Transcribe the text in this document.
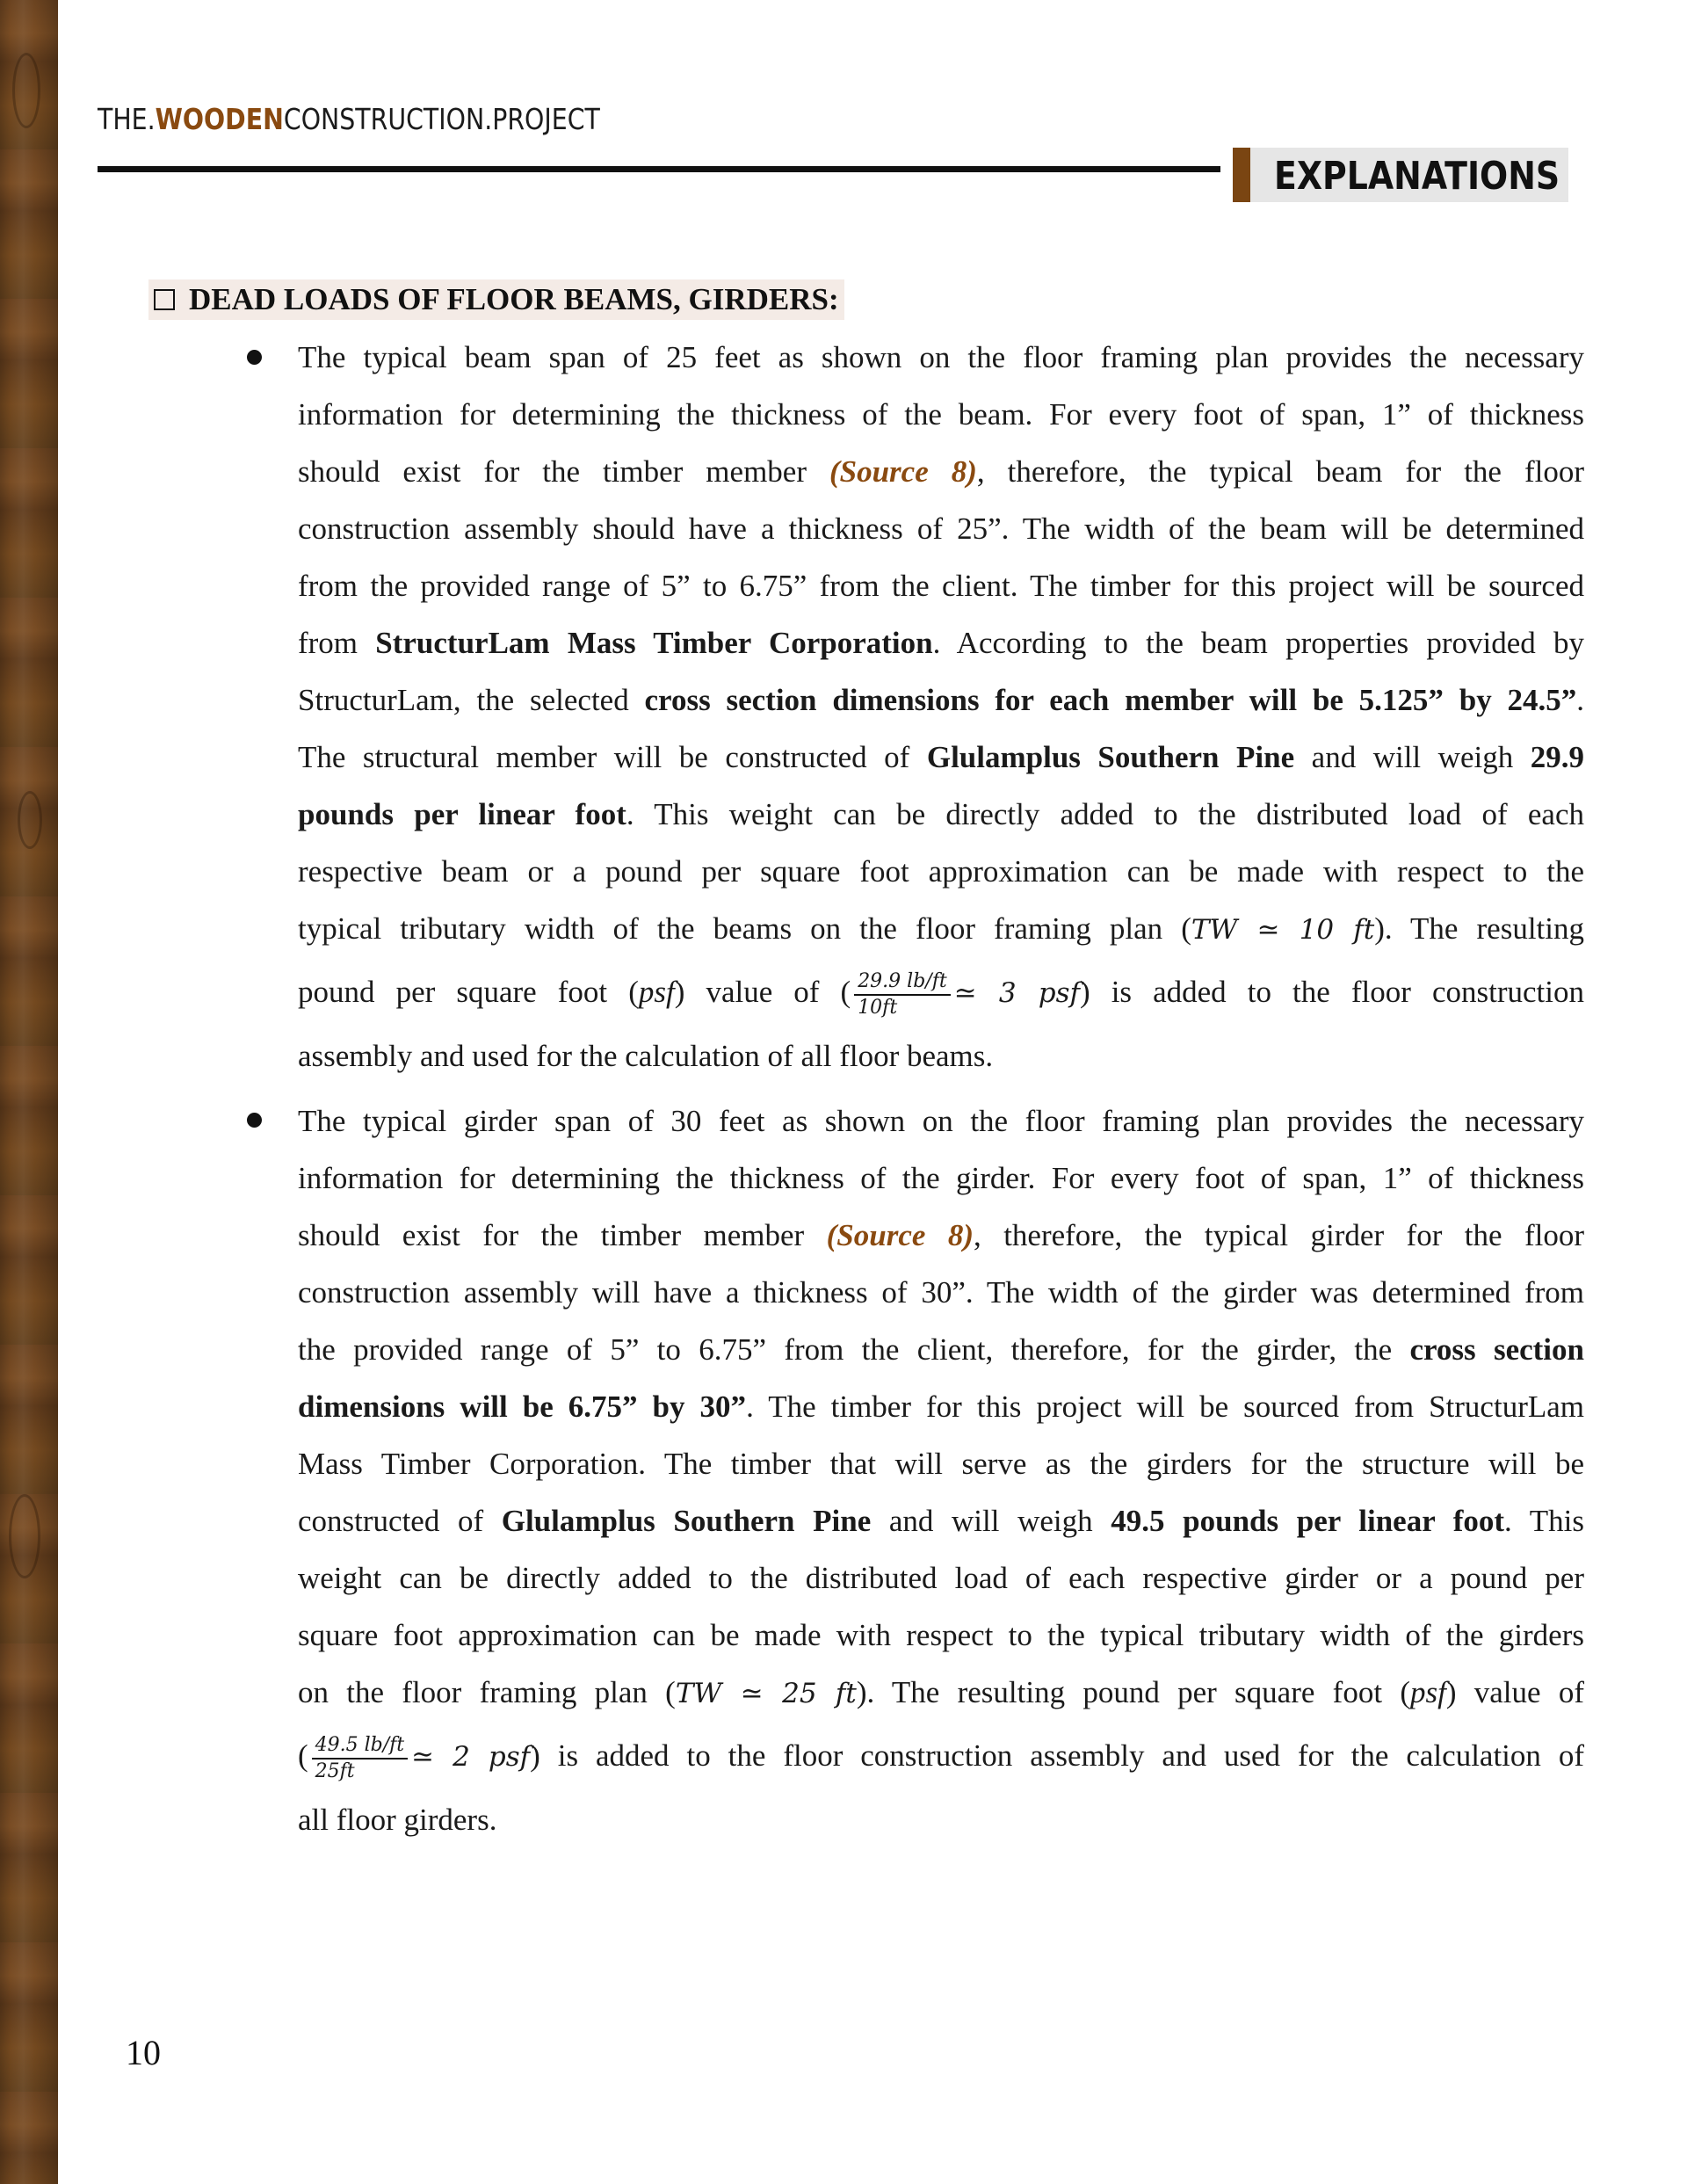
THE.WOODENCONSTRUCTION.PROJECT
EXPLANATIONS
DEAD LOADS OF FLOOR BEAMS, GIRDERS:
The typical beam span of 25 feet as shown on the floor framing plan provides the necessary
information for determining the thickness of the beam. For every foot of span, 1” of thickness
should exist for the timber member (Source 8), therefore, the typical beam for the floor
construction assembly should have a thickness of 25”. The width of the beam will be determined
from the provided range of 5” to 6.75” from the client. The timber for this project will be sourced
from StructurLam Mass Timber Corporation. According to the beam properties provided by
StructurLam, the selected cross section dimensions for each member will be 5.125” by 24.5”.
The structural member will be constructed of Glulamplus Southern Pine and will weigh 29.9
pounds per linear foot. This weight can be directly added to the distributed load of each
respective beam or a pound per square foot approximation can be made with respect to the
typical tributary width of the beams on the floor framing plan (TW ≃ 10 ft). The resulting
pound per square foot (psf) value of ( $\frac{29.9 lb/ft}{10ft}$ ≃ 3 psf) is added to the floor construction
assembly and used for the calculation of all floor beams.
The typical girder span of 30 feet as shown on the floor framing plan provides the necessary
information for determining the thickness of the girder. For every foot of span, 1” of thickness
should exist for the timber member (Source 8), therefore, the typical girder for the floor
construction assembly will have a thickness of 30”. The width of the girder was determined from
the provided range of 5” to 6.75” from the client, therefore, for the girder, the cross section
dimensions will be 6.75” by 30”. The timber for this project will be sourced from StructurLam
Mass Timber Corporation. The timber that will serve as the girders for the structure will be
constructed of Glulamplus Southern Pine and will weigh 49.5 pounds per linear foot. This
weight can be directly added to the distributed load of each respective girder or a pound per
square foot approximation can be made with respect to the typical tributary width of the girders
on the floor framing plan (TW ≃ 25 ft). The resulting pound per square foot (psf) value of
( $\frac{49.5 lb/ft}{25ft}$ ≃ 2 psf) is added to the floor construction assembly and used for the calculation of
all floor girders.
10
